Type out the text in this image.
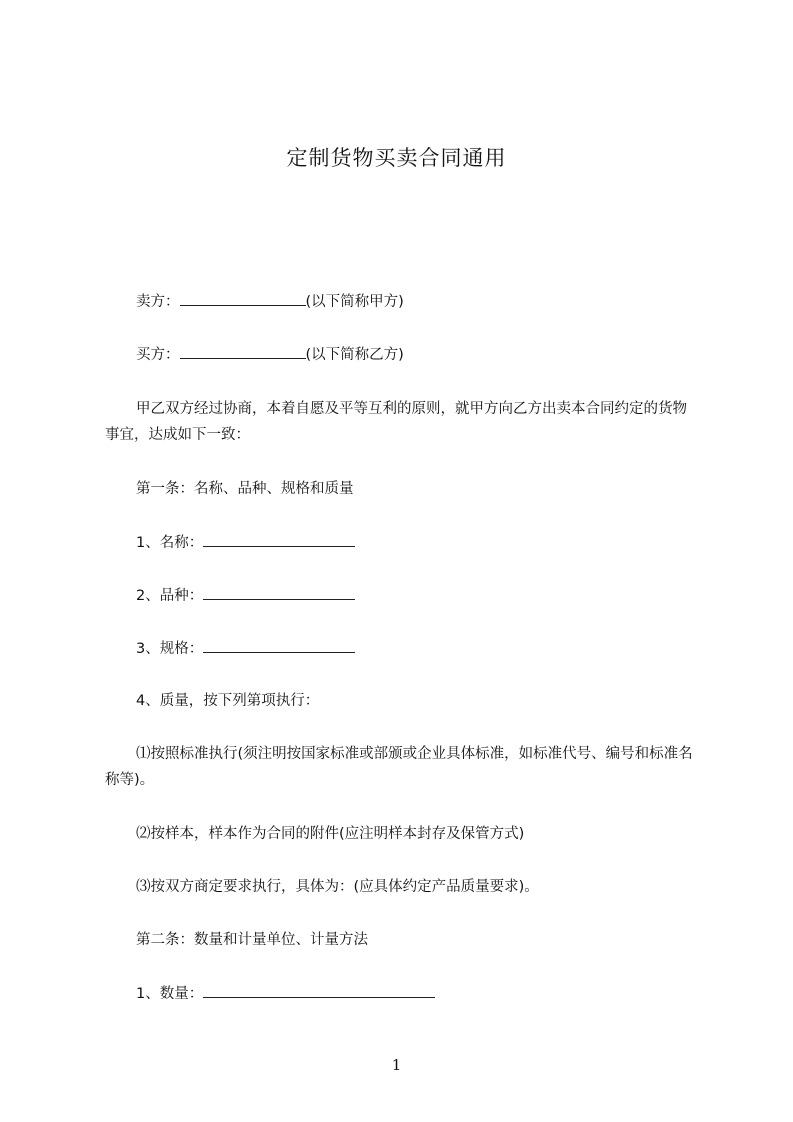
定制货物买卖合同通用
卖方：	(以下简称甲方)
买方：	(以下简称乙方)
甲乙双方经过协商，本着自愿及平等互利的原则，就甲方向乙方出卖本合同约定的货物事宜，达成如下一致：
第一条：名称、品种、规格和质量
1、名称：
2、品种：
3、规格：
4、质量，按下列第项执行：
⑴按照标准执行(须注明按国家标准或部颁或企业具体标准，如标准代号、编号和标准名称等)。
⑵按样本，样本作为合同的附件(应注明样本封存及保管方式)
⑶按双方商定要求执行，具体为：(应具体约定产品质量要求)。
第二条：数量和计量单位、计量方法
1、数量：
1
